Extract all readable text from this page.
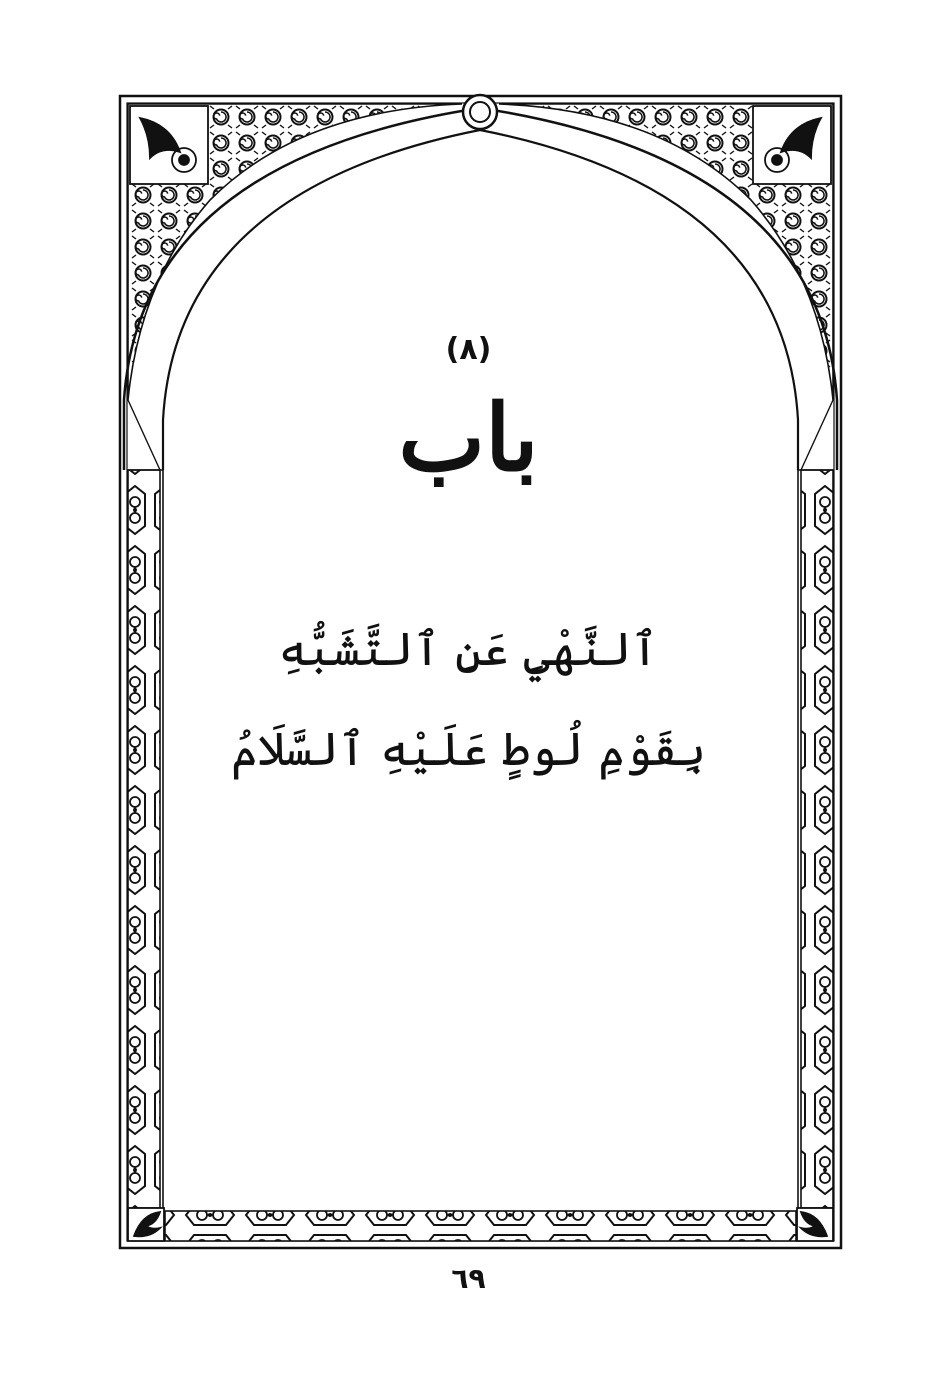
(٨)
باب
ٱلنَّهْيِ عَنِ ٱلتَّشَبُّهِ
بِقَوْمِ لُوطٍ عَلَيْهِ ٱلسَّلَامُ
٦٩
